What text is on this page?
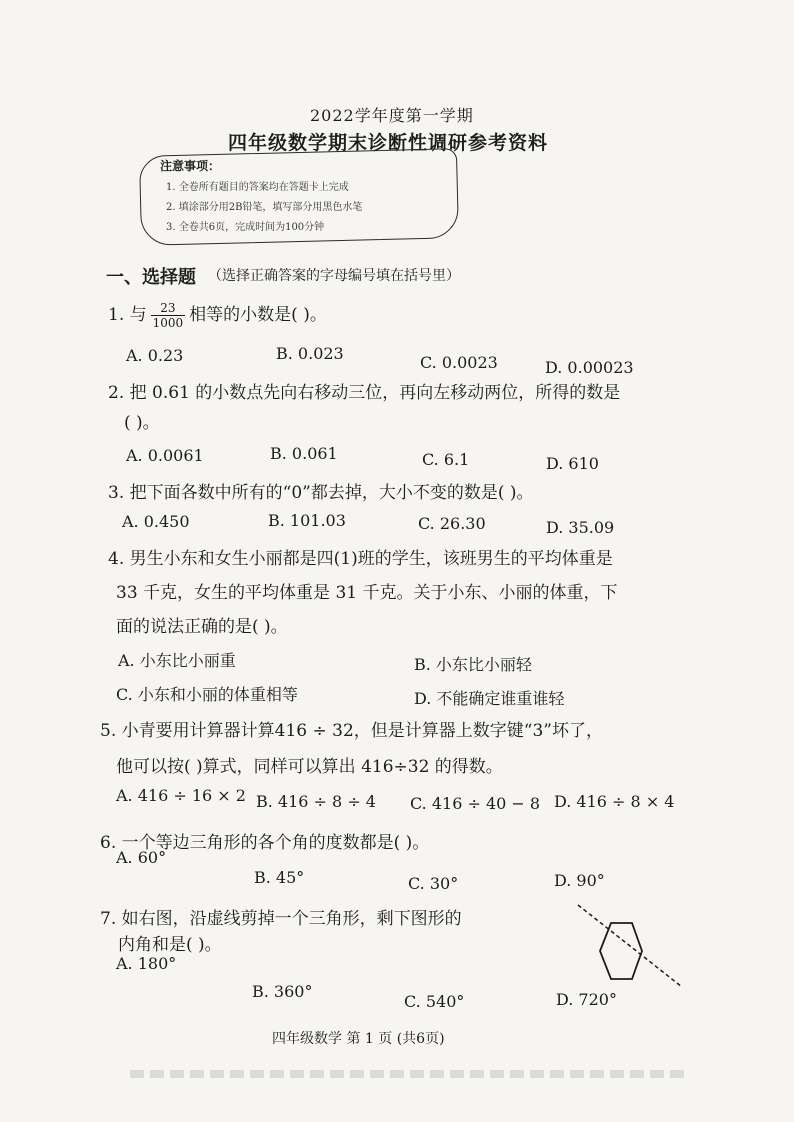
2022学年度第一学期
四年级数学期末诊断性调研参考资料
注意事项：
1. 全卷所有题目的答案均在答题卡上完成
2. 填涂部分用2B铅笔，填写部分用黑色水笔
3. 全卷共6页，完成时间为100分钟
一、选择题 （选择正确答案的字母编号填在括号里）
1. 与 $\frac{23}{1000}$ 相等的小数是( )。
A. 0.23	B. 0.023	C. 0.0023	D. 0.00023
2. 把 0.61 的小数点先向右移动三位，再向左移动两位，所得的数是
( )。
A. 0.0061	B. 0.061	C. 6.1	D. 610
3. 把下面各数中所有的“0”都去掉，大小不变的数是( )。
A. 0.450	B. 101.03	C. 26.30	D. 35.09
4. 男生小东和女生小丽都是四(1)班的学生，该班男生的平均体重是
33 千克，女生的平均体重是 31 千克。关于小东、小丽的体重，下
面的说法正确的是( )。
A. 小东比小丽重	B. 小东比小丽轻
C. 小东和小丽的体重相等	D. 不能确定谁重谁轻
5. 小青要用计算器计算416 ÷ 32，但是计算器上数字键“3”坏了，
他可以按( )算式，同样可以算出 416÷32 的得数。
A. 416 ÷ 16 × 2 B. 416 ÷ 8 ÷ 4 C. 416 ÷ 40 − 8 D. 416 ÷ 8 × 4
6. 一个等边三角形的各个角的度数都是( )。
A. 60°
B. 45°	C. 30°	D. 90°
7. 如右图，沿虚线剪掉一个三角形，剩下图形的
内角和是( )。
A. 180°
B. 360°
C. 540°	D. 720°
四年级数学 第 1 页 (共6页)
